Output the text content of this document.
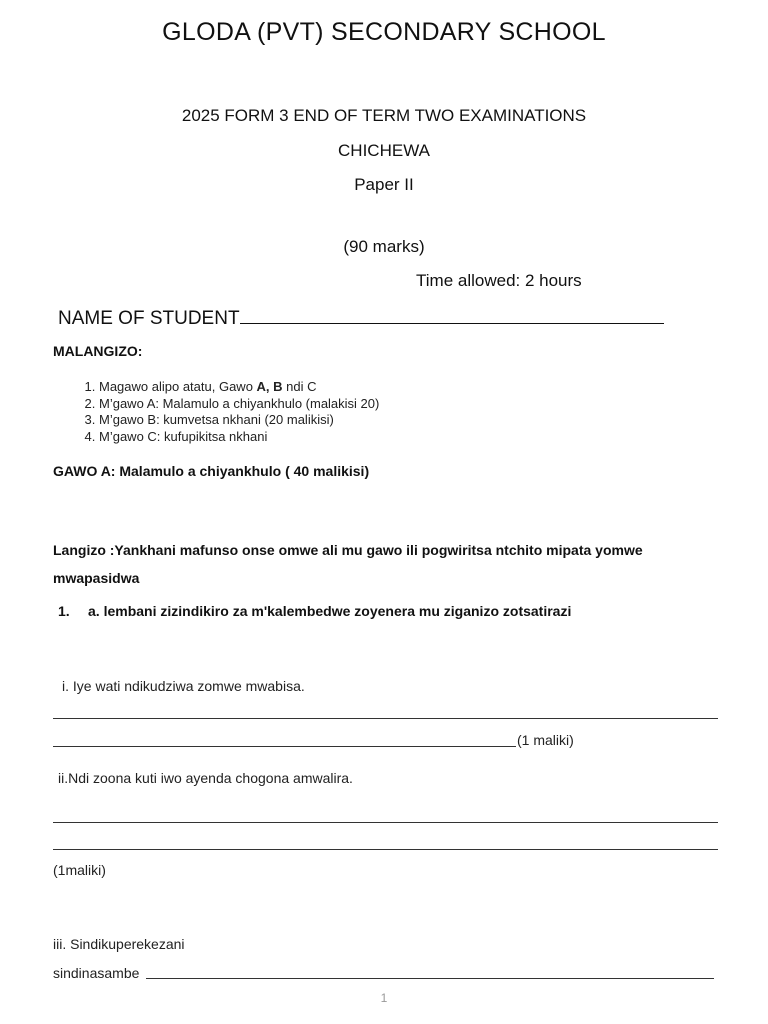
GLODA (PVT) SECONDARY SCHOOL
2025 FORM 3 END OF TERM TWO EXAMINATIONS
CHICHEWA
Paper II
(90 marks)
Time allowed: 2 hours
NAME OF STUDENT
MALANGIZO:
1. Magawo alipo atatu, Gawo A, B ndi C
2. M’gawo A: Malamulo a chiyankhulo (malakisi 20)
3. M’gawo B: kumvetsa nkhani (20 malikisi)
4. M’gawo C: kufupikitsa nkhani
GAWO A: Malamulo a chiyankhulo ( 40 malikisi)
Langizo :Yankhani mafunso onse omwe ali mu gawo ili pogwiritsa ntchito mipata yomwe mwapasidwa
1. a. lembani zizindikiro za m'kalembedwe zoyenera mu ziganizo zotsatirazi
i. Iye wati ndikudziwa zomwe mwabisa.
(1 maliki)
ii.Ndi zoona kuti iwo ayenda chogona amwalira.
(1maliki)
iii. Sindikuperekezani
sindinasambe
1
